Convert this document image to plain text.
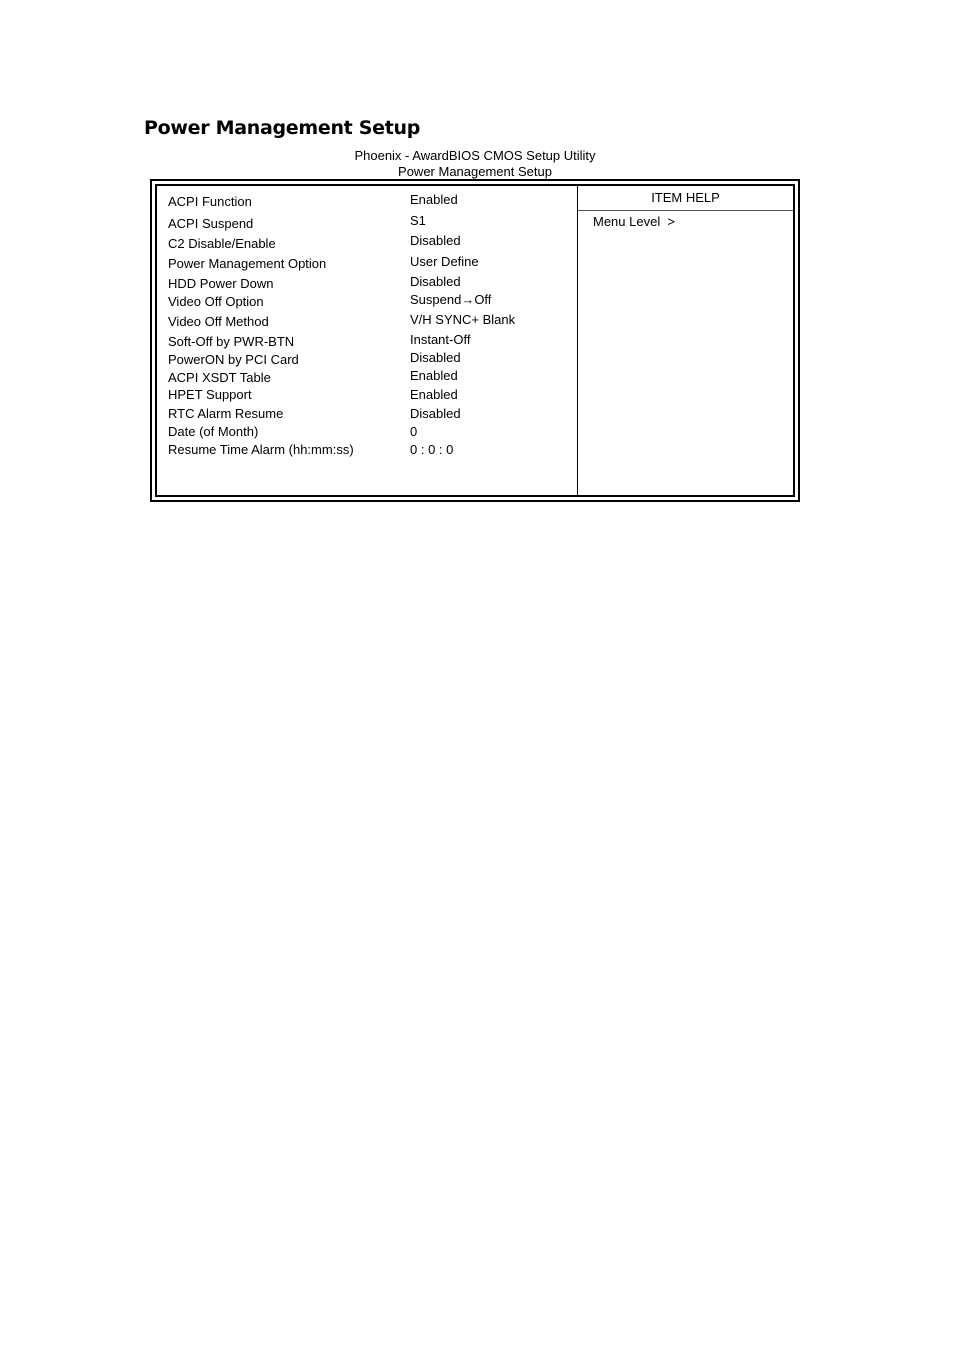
Power Management Setup
Phoenix - AwardBIOS CMOS Setup Utility
Power Management Setup
ITEM HELP
Menu Level  >
ACPI Function	Enabled
ACPI Suspend	S1
C2 Disable/Enable	Disabled
Power Management Option	User Define
HDD Power Down	Disabled
Video Off Option	Suspend→Off
Video Off Method	V/H SYNC+ Blank
Soft-Off by PWR-BTN	Instant-Off
PowerON by PCI Card	Disabled
ACPI XSDT Table	Enabled
HPET Support	Enabled
RTC Alarm Resume	Disabled
Date (of Month)	0
Resume Time Alarm (hh:mm:ss)	0 : 0 : 0
